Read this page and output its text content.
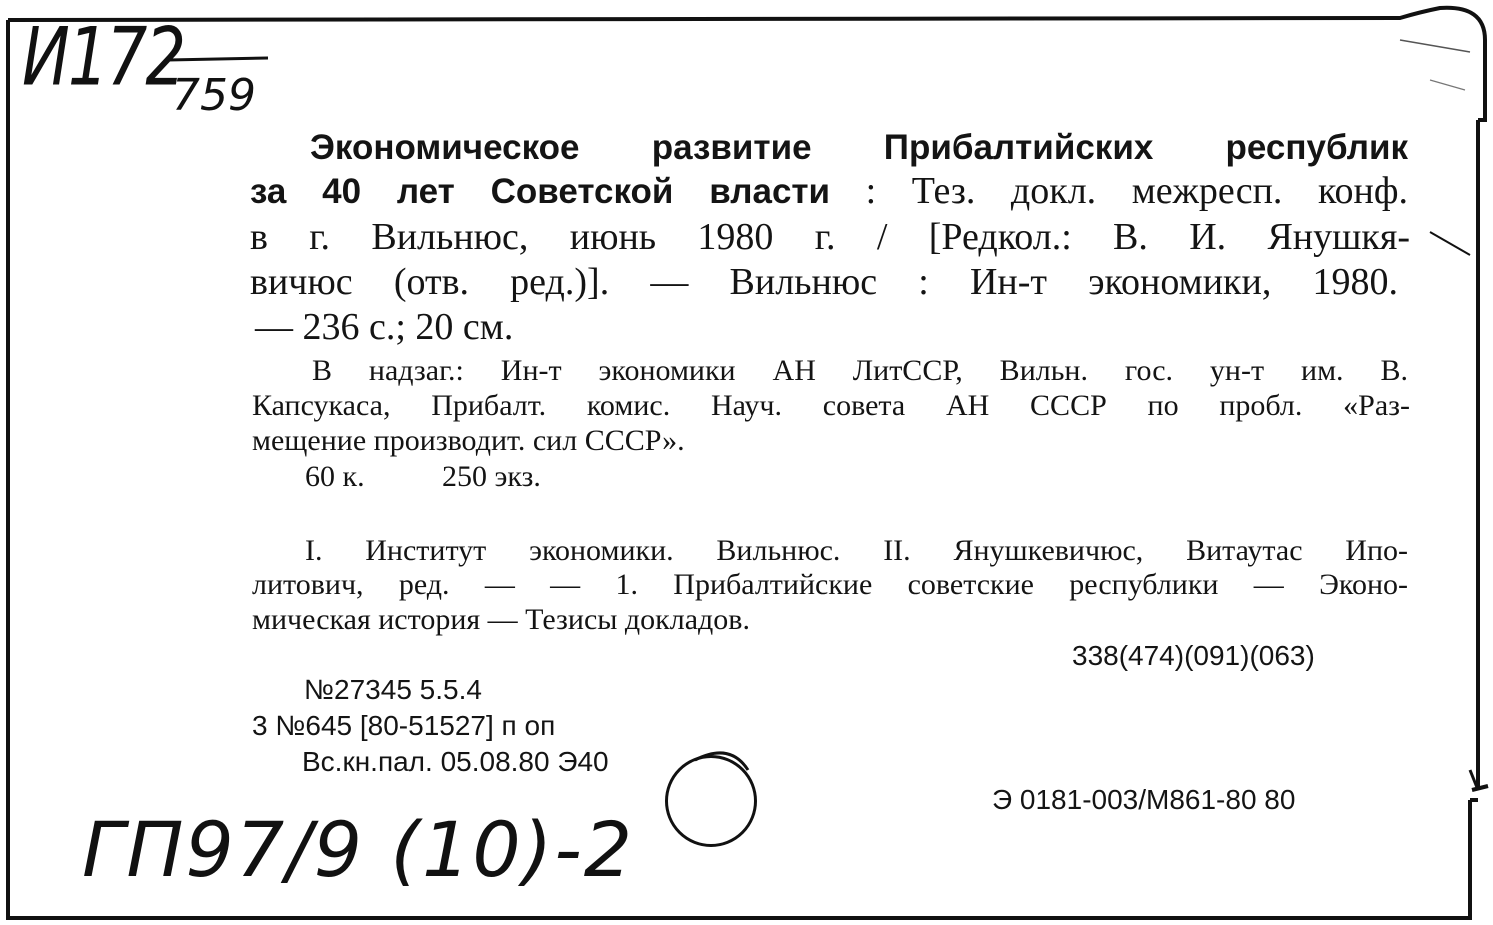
И172
759
Экономическое развитие Прибалтийских республик
за 40 лет Советской власти : Тез. докл. межресп. конф.
в г. Вильнюс, июнь 1980 г. / [Редкол.: В. И. Янушкя-
вичюс (отв. ред.)]. — Вильнюс : Ин-т экономики, 1980.
— 236 с.; 20 см.
В надзаг.: Ин-т экономики АН ЛитССР, Вильн. гос. ун-т им. В.
Капсукаса, Прибалт. комис. Науч. совета АН СССР по пробл. «Раз-
мещение производит. сил СССР».
60 к.	250 экз.
I. Институт экономики. Вильнюс. II. Янушкевичюс, Витаутас Ипо-
литович, ред. — — 1. Прибалтийские советские республики — Эконо-
мическая история — Тезисы докладов.
338(474)(091)(063)
№27345 5.5.4
3 №645 [80-51527] п оп
Вс.кн.пал. 05.08.80 Э40
Э 0181-003/М861-80 80
ГП97/9 (10)-2
